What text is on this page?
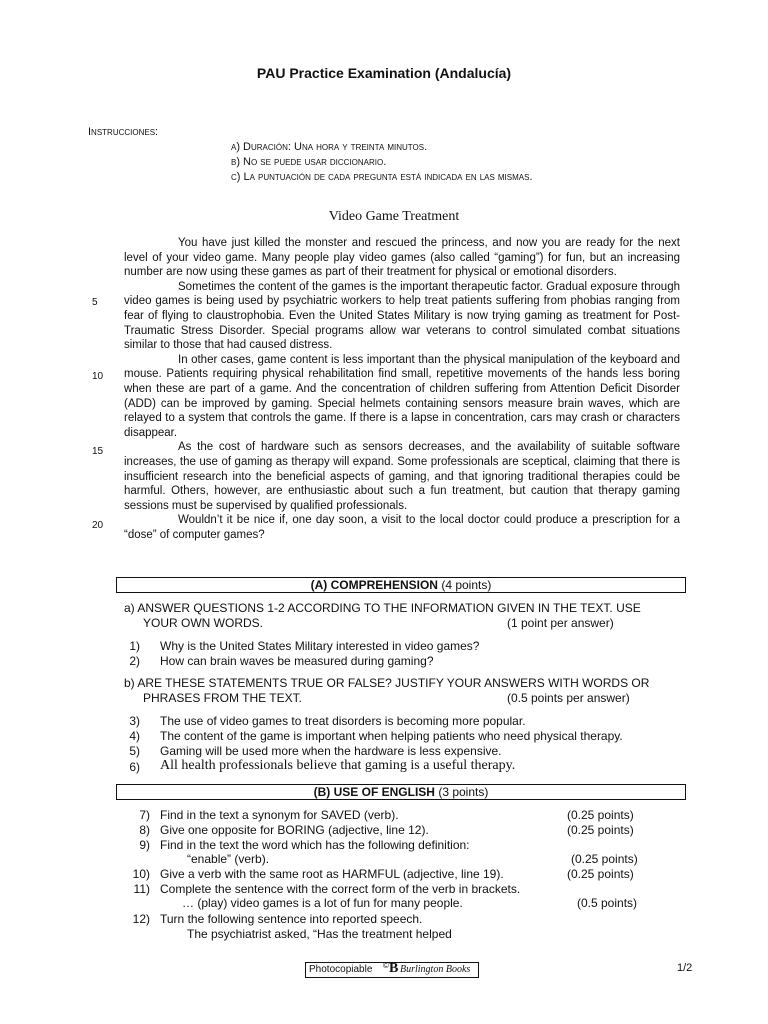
PAU Practice Examination (Andalucía)
Instrucciones:
a) Duración: Una hora y treinta minutos.
b) No se puede usar diccionario.
c) La puntuación de cada pregunta está indicada en las mismas.
Video Game Treatment

You have just killed the monster and rescued the princess, and now you are ready for the next level of your video game. Many people play video games (also called “gaming”) for fun, but an increasing number are now using these games as part of their treatment for physical or emotional disorders.

Sometimes the content of the games is the important therapeutic factor. Gradual exposure through video games is being used by psychiatric workers to help treat patients suffering from phobias ranging from fear of flying to claustrophobia. Even the United States Military is now trying gaming as treatment for Post-Traumatic Stress Disorder. Special programs allow war veterans to control simulated combat situations similar to those that had caused distress.

In other cases, game content is less important than the physical manipulation of the keyboard and mouse. Patients requiring physical rehabilitation find small, repetitive movements of the hands less boring when these are part of a game. And the concentration of children suffering from Attention Deficit Disorder (ADD) can be improved by gaming. Special helmets containing sensors measure brain waves, which are relayed to a system that controls the game. If there is a lapse in concentration, cars may crash or characters disappear.

As the cost of hardware such as sensors decreases, and the availability of suitable software increases, the use of gaming as therapy will expand. Some professionals are sceptical, claiming that there is insufficient research into the beneficial aspects of gaming, and that ignoring traditional therapies could be harmful. Others, however, are enthusiastic about such a fun treatment, but caution that therapy gaming sessions must be supervised by qualified professionals.

Wouldn’t it be nice if, one day soon, a visit to the local doctor could produce a prescription for a “dose” of computer games?

5
10
15
20
(A) COMPREHENSION (4 points)
a) ANSWER QUESTIONS 1-2 ACCORDING TO THE INFORMATION GIVEN IN THE TEXT. USE
YOUR OWN WORDS.	(1 point per answer)
1) Why is the United States Military interested in video games?
2) How can brain waves be measured during gaming?
b) ARE THESE STATEMENTS TRUE OR FALSE? JUSTIFY YOUR ANSWERS WITH WORDS OR
PHRASES FROM THE TEXT.	(0.5 points per answer)
3) The use of video games to treat disorders is becoming more popular.
4) The content of the game is important when helping patients who need physical therapy.
5) Gaming will be used more when the hardware is less expensive.
6) All health professionals believe that gaming is a useful therapy.
(B) USE OF ENGLISH (3 points)
7) Find in the text a synonym for SAVED (verb).	(0.25 points)
8) Give one opposite for BORING (adjective, line 12).	(0.25 points)
9) Find in the text the word which has the following definition:
“enable” (verb).	(0.25 points)
10) Give a verb with the same root as HARMFUL (adjective, line 19).	(0.25 points)
11) Complete the sentence with the correct form of the verb in brackets.
… (play) video games is a lot of fun for many people.	(0.5 points)
12) Turn the following sentence into reported speech.
The psychiatrist asked, “Has the treatment helped
Photocopiable © B Burlington Books	1/2
